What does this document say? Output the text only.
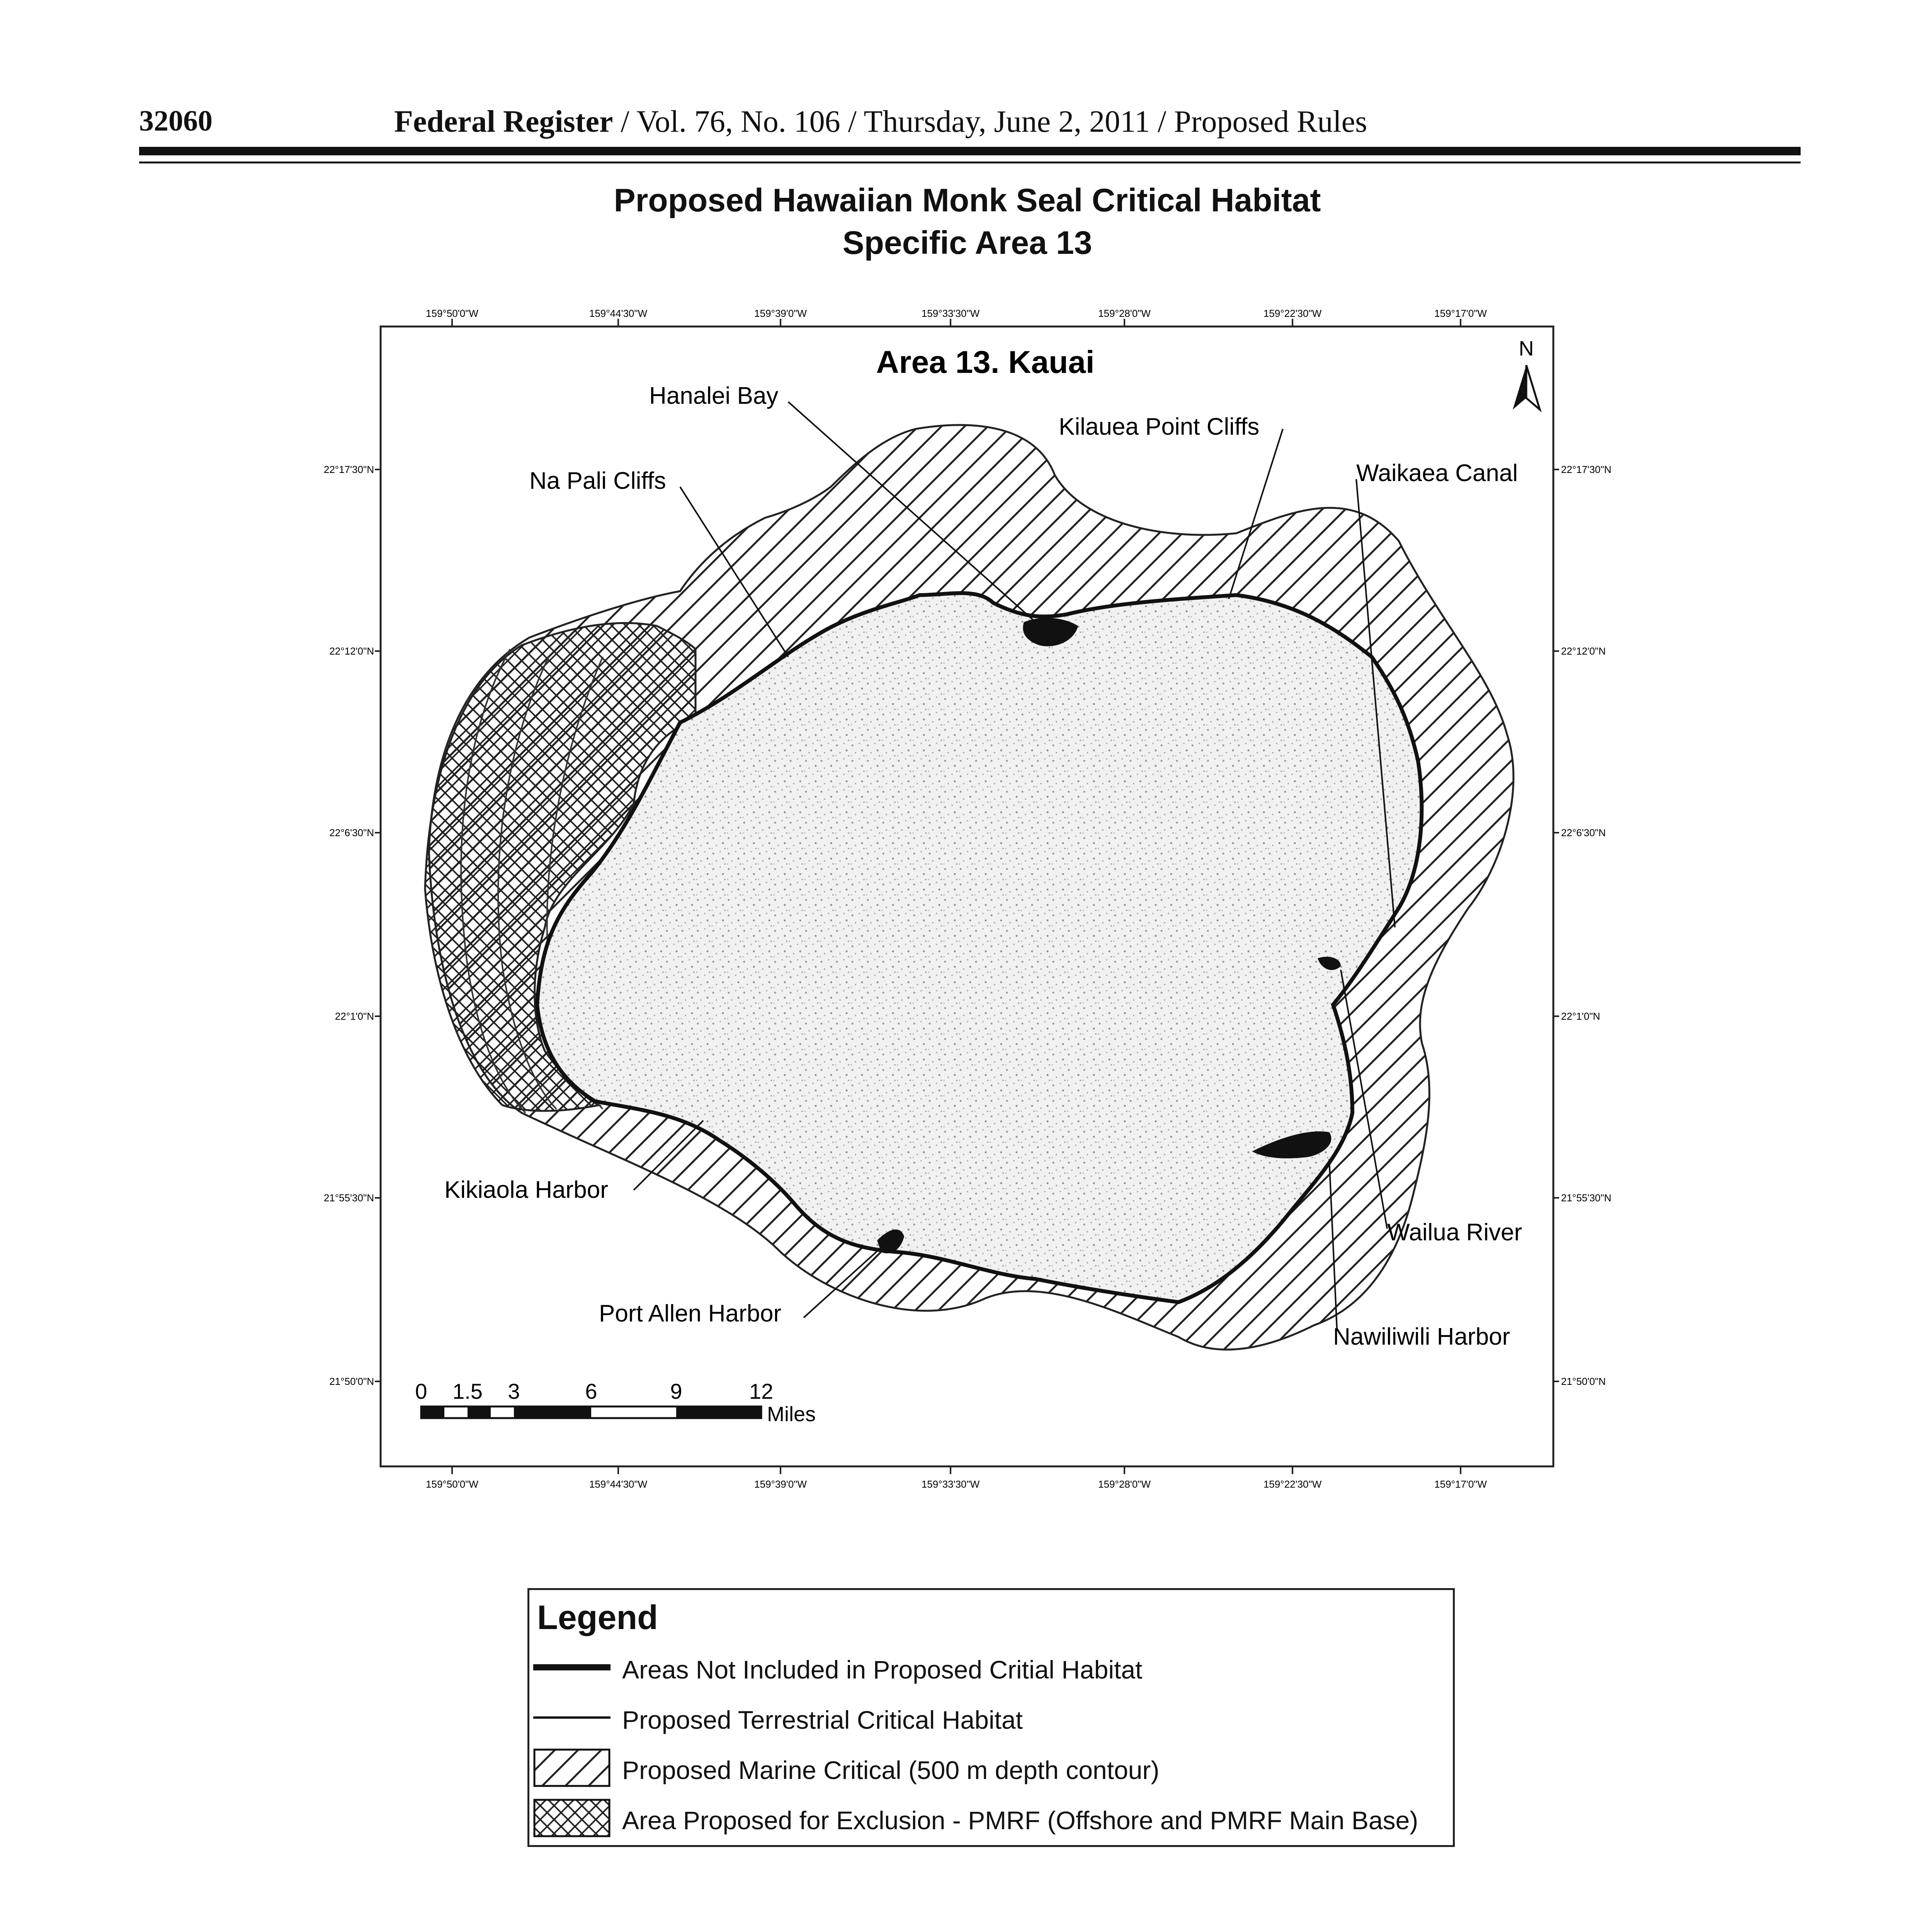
32060	Federal Register / Vol. 76, No. 106 / Thursday, June 2, 2011 / Proposed Rules
Proposed Hawaiian Monk Seal Critical Habitat
Specific Area 13
159°50'0"W	159°44'30"W	159°39'0"W	159°33'30"W	159°28'0"W	159°22'30"W	159°17'0"W
159°50'0"W	159°44'30"W	159°39'0"W	159°33'30"W	159°28'0"W	159°22'30"W	159°17'0"W
22°17'30"N
22°12'0"N
22°6'30"N
22°1'0"N
21°55'30"N
21°50'0"N
22°17'30"N
22°12'0"N
22°6'30"N
22°1'0"N
21°55'30"N
21°50'0"N
Area 13. Kauai
Hanalei Bay
Kilauea Point Cliffs
Na Pali Cliffs	Waikaea Canal
Kikiaola Harbor
Wailua River
Port Allen Harbor
Nawiliwili Harbor
N
0 1.5 3	6	9	12
Miles
Legend
Areas Not Included in Proposed Critial Habitat
Proposed Terrestrial Critical Habitat
Proposed Marine Critical (500 m depth contour)
Area Proposed for Exclusion - PMRF (Offshore and PMRF Main Base)
